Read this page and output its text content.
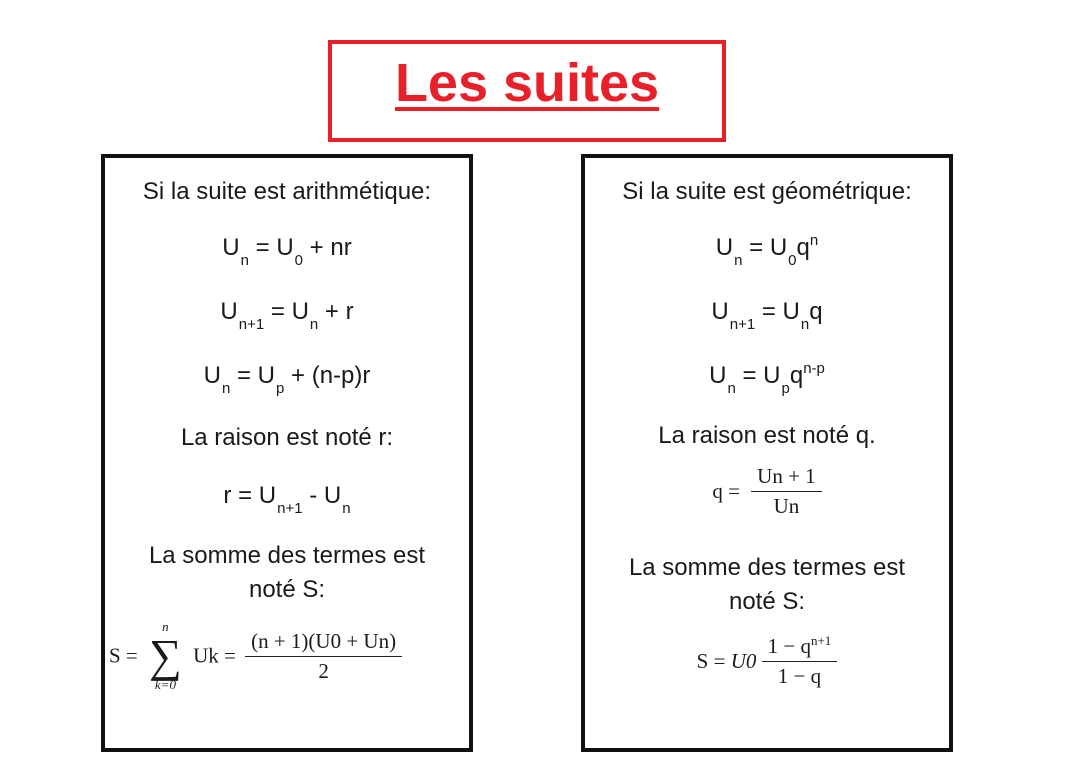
Les suites
Si la suite est arithmétique:
$U_n = U_0$ + nr
$U_{n+1} = U_n + r$
$U_n = U_p + (n-p)r$
La raison est noté r:
$r = U_{n+1} - U_n$
La somme des termes est
noté S:
S =
n
∑
k=0
$Uk = \frac{(n + 1)(U0 + Un)}{2}$
Si la suite est géométrique:
$U_n = U_0q^n$
$U_{n+1} = U_nq$
$U_n = U_pq^{n-p}$
La raison est noté q.
$q = \frac{Un + 1}{Un}$
La somme des termes est
noté S:
$S = U0 \frac{1 - q^{n+1}}{1 - q}$
